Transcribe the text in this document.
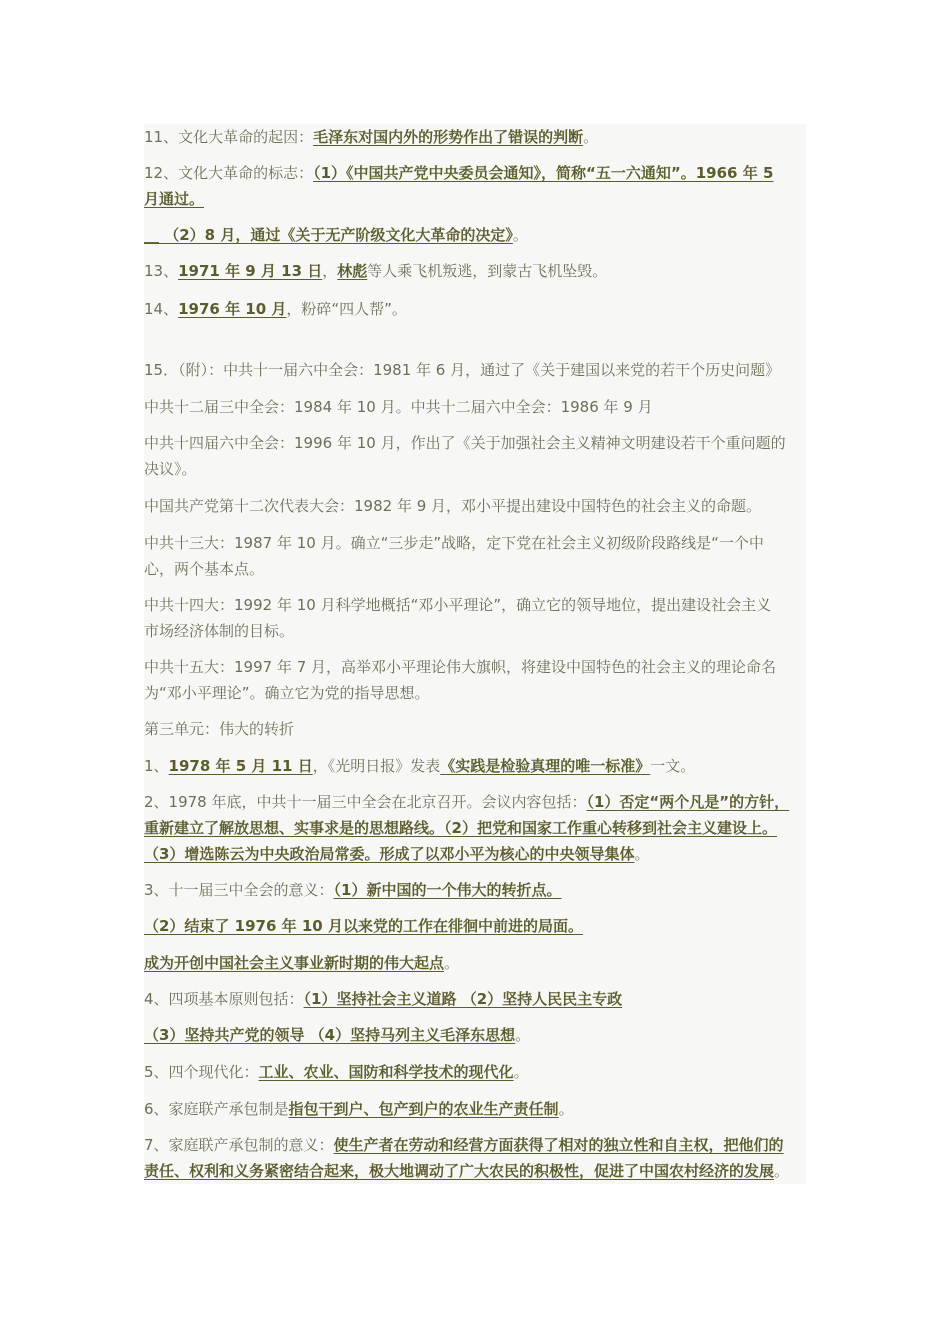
11、文化大革命的起因：毛泽东对国内外的形势作出了错误的判断。
12、文化大革命的标志：（1）《中国共产党中央委员会通知》，简称“五一六通知”。1966 年 5
月通过。
__ （2）8 月，通过《关于无产阶级文化大革命的决定》。
13、1971 年 9 月 13 日，林彪等人乘飞机叛逃，到蒙古飞机坠毁。
14、1976 年 10 月，粉碎“四人帮”。
15．（附）：中共十一届六中全会：1981 年 6 月，通过了《关于建国以来党的若干个历史问题》
中共十二届三中全会：1984 年 10 月。中共十二届六中全会：1986 年 9 月
中共十四届六中全会：1996 年 10 月，作出了《关于加强社会主义精神文明建设若干个重问题的
决议》。
中国共产党第十二次代表大会：1982 年 9 月，邓小平提出建设中国特色的社会主义的命题。
中共十三大：1987 年 10 月。确立“三步走”战略，定下党在社会主义初级阶段路线是“一个中
心，两个基本点。
中共十四大：1992 年 10 月科学地概括“邓小平理论”，确立它的领导地位，提出建设社会主义
市场经济体制的目标。
中共十五大：1997 年 7 月，高举邓小平理论伟大旗帜，将建设中国特色的社会主义的理论命名
为“邓小平理论”。确立它为党的指导思想。
第三单元：伟大的转折
1、1978 年 5 月 11 日，《光明日报》发表《实践是检验真理的唯一标准》一文。
2、1978 年底，中共十一届三中全会在北京召开。会议内容包括：（1）否定“两个凡是”的方针，
重新建立了解放思想、实事求是的思想路线。（2）把党和国家工作重心转移到社会主义建设上。
（3）增选陈云为中央政治局常委。形成了以邓小平为核心的中央领导集体。
3、十一届三中全会的意义：（1）新中国的一个伟大的转折点。
（2）结束了 1976 年 10 月以来党的工作在徘徊中前进的局面。
成为开创中国社会主义事业新时期的伟大起点。
4、四项基本原则包括：（1）坚持社会主义道路 （2）坚持人民民主专政
（3）坚持共产党的领导 （4）坚持马列主义毛泽东思想。
5、四个现代化：工业、农业、国防和科学技术的现代化。
6、家庭联产承包制是指包干到户、包产到户的农业生产责任制。
7、家庭联产承包制的意义：使生产者在劳动和经营方面获得了相对的独立性和自主权，把他们的
责任、权利和义务紧密结合起来，极大地调动了广大农民的积极性，促进了中国农村经济的发展。
